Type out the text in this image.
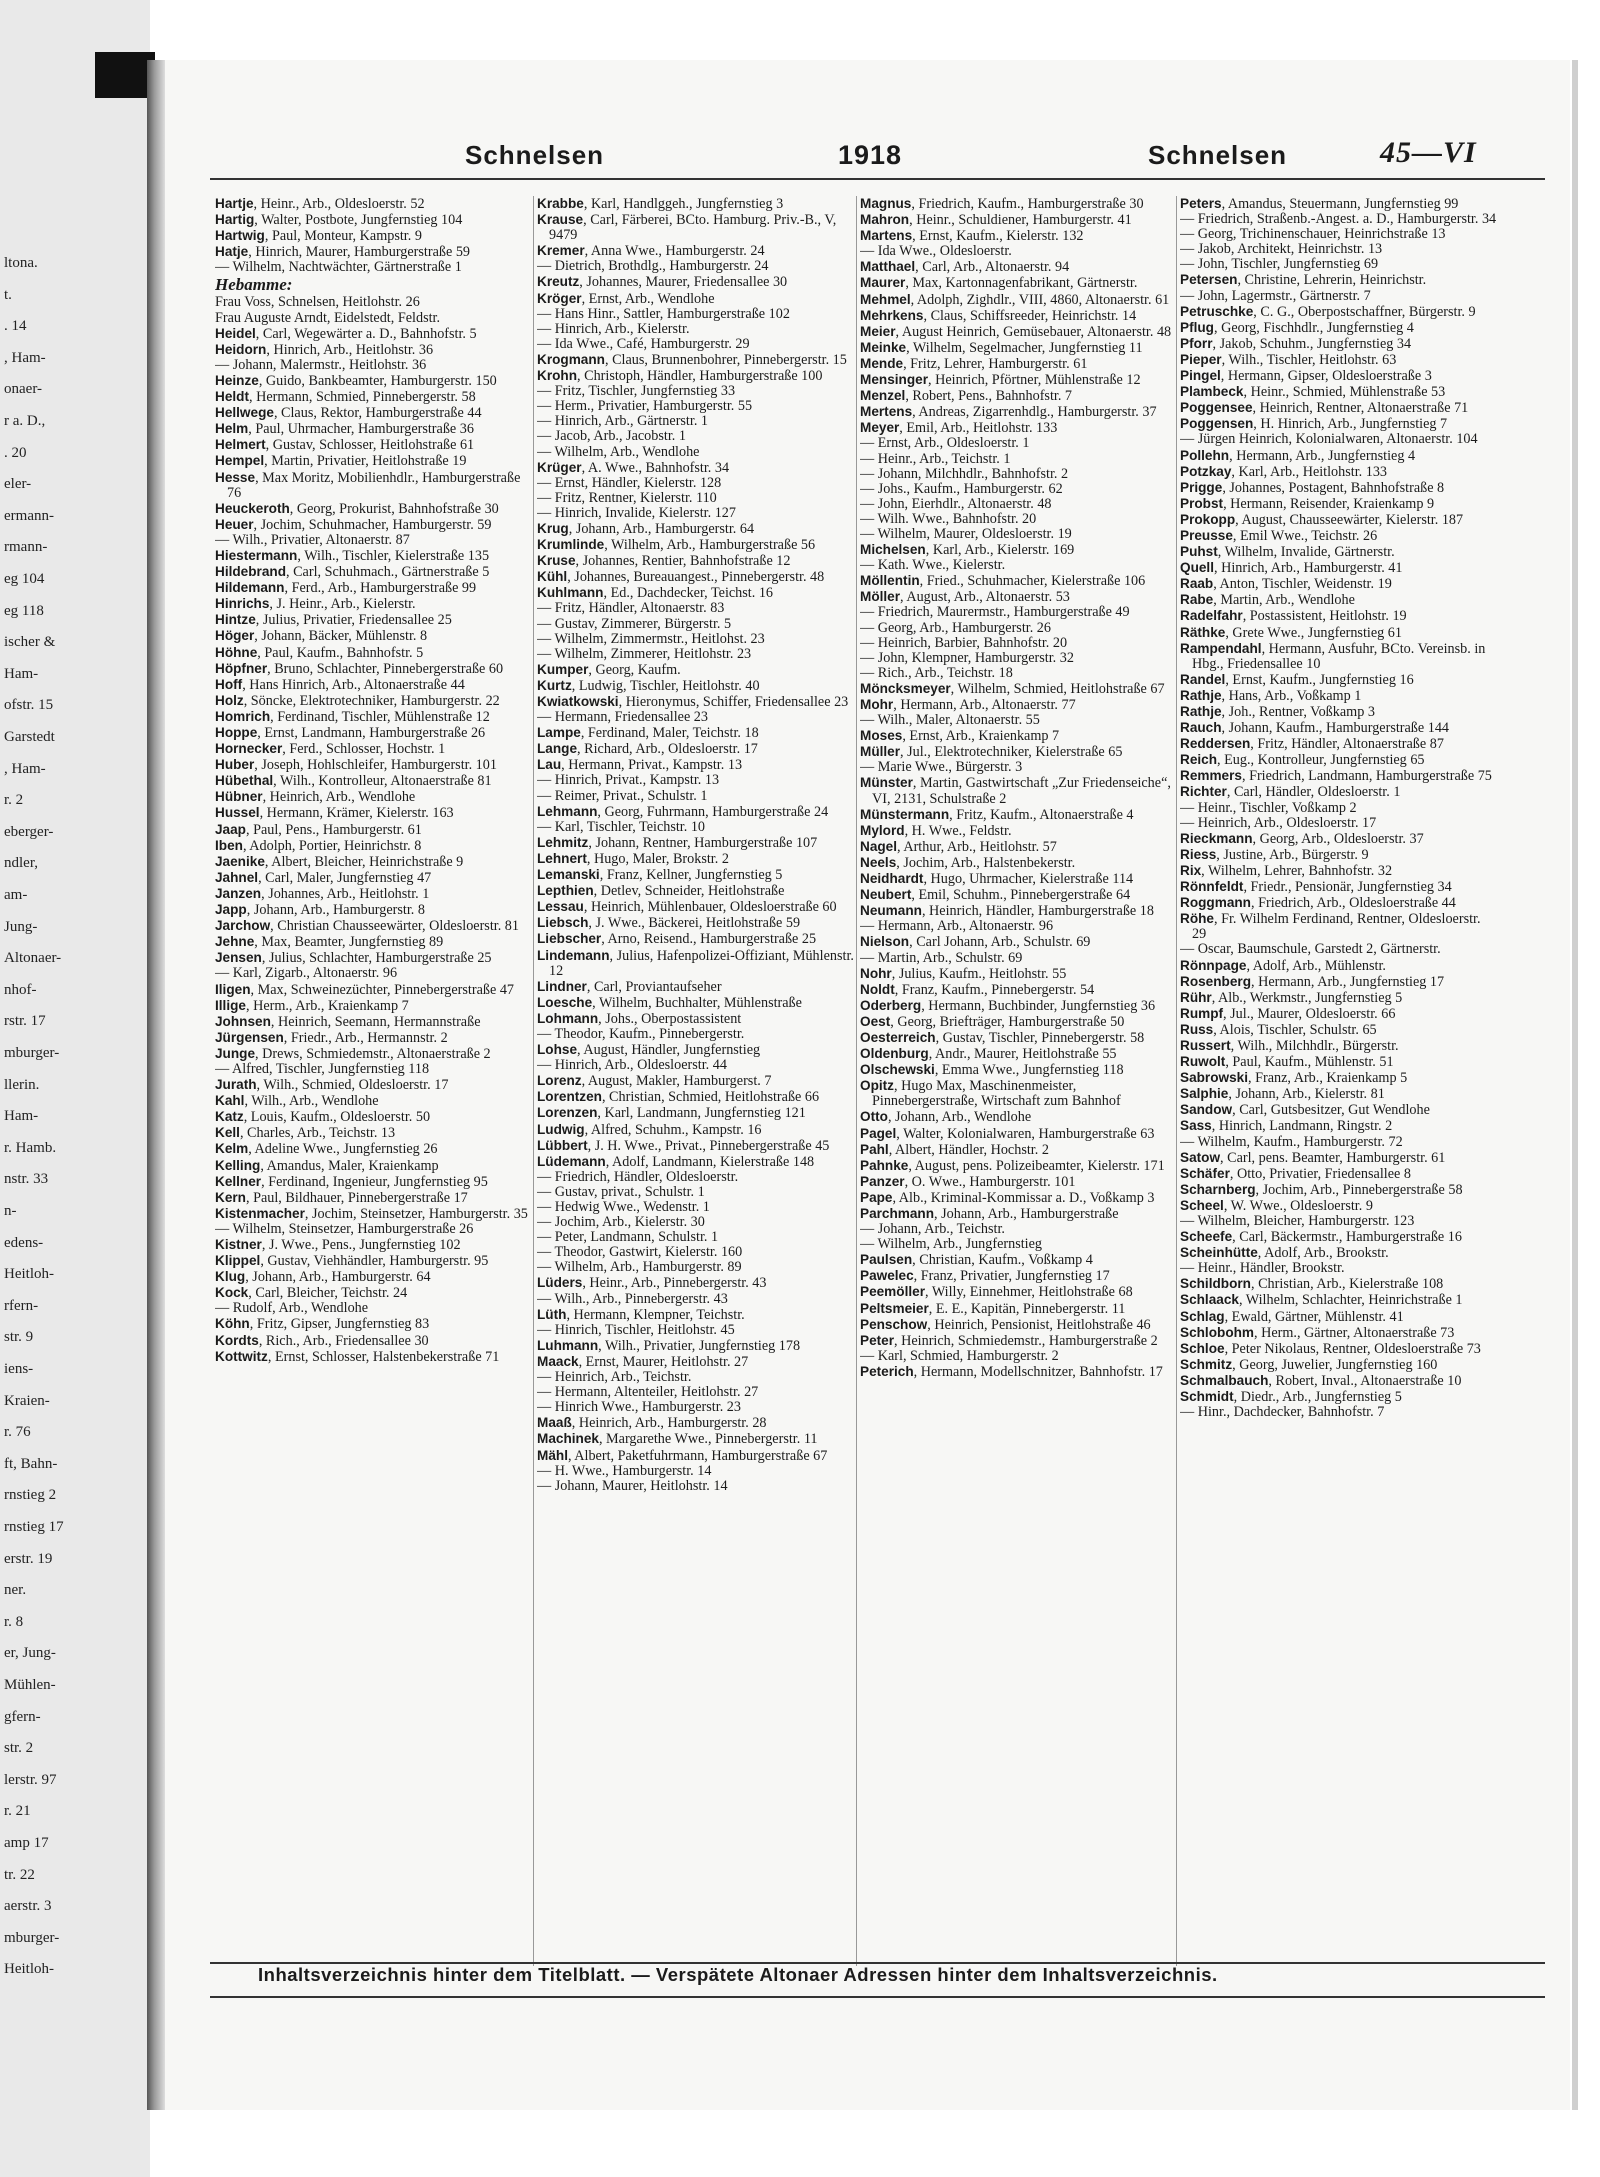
ltona.
t.
. 14
, Ham-
onaer-
r a. D.,
. 20
eler-
ermann-
rmann-
eg 104
eg 118
ischer &
Ham-
ofstr. 15
Garstedt
, Ham-
r. 2
eberger-
ndler,
am-
Jung-
Altonaer-
nhof-
rstr. 17
mburger-
llerin.
Ham-
r. Hamb.
nstr. 33
n-
edens-
Heitloh-
rfern-
str. 9
iens-
Kraien-
r. 76
ft, Bahn-
rnstieg 2
rnstieg 17
erstr. 19
ner.
r. 8
er, Jung-
Mühlen-
gfern-
str. 2
lerstr. 97
r. 21
amp 17
tr. 22
aerstr. 3
mburger-
Heitloh-
Schnelsen	1918	Schnelsen	45—VI
Hartje, Heinr., Arb., Oldesloerstr. 52
Hartig, Walter, Postbote, Jungfernstieg 104
Hartwig, Paul, Monteur, Kampstr. 9
Hatje, Hinrich, Maurer, Hamburgerstraße 59
— Wilhelm, Nachtwächter, Gärtnerstraße 1
Hebamme:
Frau Voss, Schnelsen, Heitlohstr. 26
Frau Auguste Arndt, Eidelstedt, Feldstr.
Heidel, Carl, Wegewärter a. D., Bahnhofstr. 5
Heidorn, Hinrich, Arb., Heitlohstr. 36
— Johann, Malermstr., Heitlohstr. 36
Heinze, Guido, Bankbeamter, Hamburgerstr. 150
Heldt, Hermann, Schmied, Pinnebergerstr. 58
Hellwege, Claus, Rektor, Hamburgerstraße 44
Helm, Paul, Uhrmacher, Hamburgerstraße 36
Helmert, Gustav, Schlosser, Heitlohstraße 61
Hempel, Martin, Privatier, Heitlohstraße 19
Hesse, Max Moritz, Mobilienhdlr., Hamburgerstraße 76
Heuckeroth, Georg, Prokurist, Bahnhofstraße 30
Heuer, Jochim, Schuhmacher, Hamburgerstr. 59
— Wilh., Privatier, Altonaerstr. 87
Hiestermann, Wilh., Tischler, Kielerstraße 135
Hildebrand, Carl, Schuhmach., Gärtnerstraße 5
Hildemann, Ferd., Arb., Hamburgerstraße 99
Hinrichs, J. Heinr., Arb., Kielerstr.
Hintze, Julius, Privatier, Friedensallee 25
Höger, Johann, Bäcker, Mühlenstr. 8
Höhne, Paul, Kaufm., Bahnhofstr. 5
Höpfner, Bruno, Schlachter, Pinnebergerstraße 60
Hoff, Hans Hinrich, Arb., Altonaerstraße 44
Holz, Söncke, Elektrotechniker, Hamburgerstr. 22
Homrich, Ferdinand, Tischler, Mühlenstraße 12
Hoppe, Ernst, Landmann, Hamburgerstraße 26
Hornecker, Ferd., Schlosser, Hochstr. 1
Huber, Joseph, Hohlschleifer, Hamburgerstr. 101
Hübethal, Wilh., Kontrolleur, Altonaerstraße 81
Hübner, Heinrich, Arb., Wendlohe
Hussel, Hermann, Krämer, Kielerstr. 163
Jaap, Paul, Pens., Hamburgerstr. 61
Iben, Adolph, Portier, Heinrichstr. 8
Jaenike, Albert, Bleicher, Heinrichstraße 9
Jahnel, Carl, Maler, Jungfernstieg 47
Janzen, Johannes, Arb., Heitlohstr. 1
Japp, Johann, Arb., Hamburgerstr. 8
Jarchow, Christian Chausseewärter, Oldesloerstr. 81
Jehne, Max, Beamter, Jungfernstieg 89
Jensen, Julius, Schlachter, Hamburgerstraße 25
— Karl, Zigarb., Altonaerstr. 96
Iligen, Max, Schweinezüchter, Pinnebergerstraße 47
Illige, Herm., Arb., Kraienkamp 7
Johnsen, Heinrich, Seemann, Hermannstraße
Jürgensen, Friedr., Arb., Hermannstr. 2
Junge, Drews, Schmiedemstr., Altonaerstraße 2
— Alfred, Tischler, Jungfernstieg 118
Jurath, Wilh., Schmied, Oldesloerstr. 17
Kahl, Wilh., Arb., Wendlohe
Katz, Louis, Kaufm., Oldesloerstr. 50
Kell, Charles, Arb., Teichstr. 13
Kelm, Adeline Wwe., Jungfernstieg 26
Kelling, Amandus, Maler, Kraienkamp
Kellner, Ferdinand, Ingenieur, Jungfernstieg 95
Kern, Paul, Bildhauer, Pinnebergerstraße 17
Kistenmacher, Jochim, Steinsetzer, Hamburgerstr. 35
— Wilhelm, Steinsetzer, Hamburgerstraße 26
Kistner, J. Wwe., Pens., Jungfernstieg 102
Klippel, Gustav, Viehhändler, Hamburgerstr. 95
Klug, Johann, Arb., Hamburgerstr. 64
Kock, Carl, Bleicher, Teichstr. 24
— Rudolf, Arb., Wendlohe
Köhn, Fritz, Gipser, Jungfernstieg 83
Kordts, Rich., Arb., Friedensallee 30
Kottwitz, Ernst, Schlosser, Halstenbekerstraße 71
Krabbe, Karl, Handlggeh., Jungfernstieg 3
Krause, Carl, Färberei, BCto. Hamburg. Priv.-B., V, 9479
Kremer, Anna Wwe., Hamburgerstr. 24
— Dietrich, Brothdlg., Hamburgerstr. 24
Kreutz, Johannes, Maurer, Friedensallee 30
Kröger, Ernst, Arb., Wendlohe
— Hans Hinr., Sattler, Hamburgerstraße 102
— Hinrich, Arb., Kielerstr.
— Ida Wwe., Café, Hamburgerstr. 29
Krogmann, Claus, Brunnenbohrer, Pinnebergerstr. 15
Krohn, Christoph, Händler, Hamburgerstraße 100
— Fritz, Tischler, Jungfernstieg 33
— Herm., Privatier, Hamburgerstr. 55
— Hinrich, Arb., Gärtnerstr. 1
— Jacob, Arb., Jacobstr. 1
— Wilhelm, Arb., Wendlohe
Krüger, A. Wwe., Bahnhofstr. 34
— Ernst, Händler, Kielerstr. 128
— Fritz, Rentner, Kielerstr. 110
— Hinrich, Invalide, Kielerstr. 127
Krug, Johann, Arb., Hamburgerstr. 64
Krumlinde, Wilhelm, Arb., Hamburgerstraße 56
Kruse, Johannes, Rentier, Bahnhofstraße 12
Kühl, Johannes, Bureauangest., Pinnebergerstr. 48
Kuhlmann, Ed., Dachdecker, Teichst. 16
— Fritz, Händler, Altonaerstr. 83
— Gustav, Zimmerer, Bürgerstr. 5
— Wilhelm, Zimmermstr., Heitlohst. 23
— Wilhelm, Zimmerer, Heitlohstr. 23
Kumper, Georg, Kaufm.
Kurtz, Ludwig, Tischler, Heitlohstr. 40
Kwiatkowski, Hieronymus, Schiffer, Friedensallee 23
— Hermann, Friedensallee 23
Lampe, Ferdinand, Maler, Teichstr. 18
Lange, Richard, Arb., Oldesloerstr. 17
Lau, Hermann, Privat., Kampstr. 13
— Hinrich, Privat., Kampstr. 13
— Reimer, Privat., Schulstr. 1
Lehmann, Georg, Fuhrmann, Hamburgerstraße 24
— Karl, Tischler, Teichstr. 10
Lehmitz, Johann, Rentner, Hamburgerstraße 107
Lehnert, Hugo, Maler, Brokstr. 2
Lemanski, Franz, Kellner, Jungfernstieg 5
Lepthien, Detlev, Schneider, Heitlohstraße
Lessau, Heinrich, Mühlenbauer, Oldesloerstraße 60
Liebsch, J. Wwe., Bäckerei, Heitlohstraße 59
Liebscher, Arno, Reisend., Hamburgerstraße 25
Lindemann, Julius, Hafenpolizei-Offiziant, Mühlenstr. 12
Lindner, Carl, Proviantaufseher
Loesche, Wilhelm, Buchhalter, Mühlenstraße
Lohmann, Johs., Oberpostassistent
— Theodor, Kaufm., Pinnebergerstr.
Lohse, August, Händler, Jungfernstieg
— Hinrich, Arb., Oldesloerstr. 44
Lorenz, August, Makler, Hamburgerst. 7
Lorentzen, Christian, Schmied, Heitlohstraße 66
Lorenzen, Karl, Landmann, Jungfernstieg 121
Ludwig, Alfred, Schuhm., Kampstr. 16
Lübbert, J. H. Wwe., Privat., Pinnebergerstraße 45
Lüdemann, Adolf, Landmann, Kielerstraße 148
— Friedrich, Händler, Oldesloerstr.
— Gustav, privat., Schulstr. 1
— Hedwig Wwe., Wedenstr. 1
— Jochim, Arb., Kielerstr. 30
— Peter, Landmann, Schulstr. 1
— Theodor, Gastwirt, Kielerstr. 160
— Wilhelm, Arb., Hamburgerstr. 89
Lüders, Heinr., Arb., Pinnebergerstr. 43
— Wilh., Arb., Pinnebergerstr. 43
Lüth, Hermann, Klempner, Teichstr.
— Hinrich, Tischler, Heitlohstr. 45
Luhmann, Wilh., Privatier, Jungfernstieg 178
Maack, Ernst, Maurer, Heitlohstr. 27
— Heinrich, Arb., Teichstr.
— Hermann, Altenteiler, Heitlohstr. 27
— Hinrich Wwe., Hamburgerstr. 23
Maaß, Heinrich, Arb., Hamburgerstr. 28
Machinek, Margarethe Wwe., Pinnebergerstr. 11
Mähl, Albert, Paketfuhrmann, Hamburgerstraße 67
— H. Wwe., Hamburgerstr. 14
— Johann, Maurer, Heitlohstr. 14
Magnus, Friedrich, Kaufm., Hamburgerstraße 30
Mahron, Heinr., Schuldiener, Hamburgerstr. 41
Martens, Ernst, Kaufm., Kielerstr. 132
— Ida Wwe., Oldesloerstr.
Matthael, Carl, Arb., Altonaerstr. 94
Maurer, Max, Kartonnagenfabrikant, Gärtnerstr.
Mehmel, Adolph, Zighdlr., VIII, 4860, Altonaerstr. 61
Mehrkens, Claus, Schiffsreeder, Heinrichstr. 14
Meier, August Heinrich, Gemüsebauer, Altonaerstr. 48
Meinke, Wilhelm, Segelmacher, Jungfernstieg 11
Mende, Fritz, Lehrer, Hamburgerstr. 61
Mensinger, Heinrich, Pförtner, Mühlenstraße 12
Menzel, Robert, Pens., Bahnhofstr. 7
Mertens, Andreas, Zigarrenhdlg., Hamburgerstr. 37
Meyer, Emil, Arb., Heitlohstr. 133
— Ernst, Arb., Oldesloerstr. 1
— Heinr., Arb., Teichstr. 1
— Johann, Milchhdlr., Bahnhofstr. 2
— Johs., Kaufm., Hamburgerstr. 62
— John, Eierhdlr., Altonaerstr. 48
— Wilh. Wwe., Bahnhofstr. 20
— Wilhelm, Maurer, Oldesloerstr. 19
Michelsen, Karl, Arb., Kielerstr. 169
— Kath. Wwe., Kielerstr.
Möllentin, Fried., Schuhmacher, Kielerstraße 106
Möller, August, Arb., Altonaerstr. 53
— Friedrich, Maurermstr., Hamburgerstraße 49
— Georg, Arb., Hamburgerstr. 26
— Heinrich, Barbier, Bahnhofstr. 20
— John, Klempner, Hamburgerstr. 32
— Rich., Arb., Teichstr. 18
Möncksmeyer, Wilhelm, Schmied, Heitlohstraße 67
Mohr, Hermann, Arb., Altonaerstr. 77
— Wilh., Maler, Altonaerstr. 55
Moses, Ernst, Arb., Kraienkamp 7
Müller, Jul., Elektrotechniker, Kielerstraße 65
— Marie Wwe., Bürgerstr. 3
Münster, Martin, Gastwirtschaft „Zur Friedenseiche“, VI, 2131, Schulstraße 2
Münstermann, Fritz, Kaufm., Altonaerstraße 4
Mylord, H. Wwe., Feldstr.
Nagel, Arthur, Arb., Heitlohstr. 57
Neels, Jochim, Arb., Halstenbekerstr.
Neidhardt, Hugo, Uhrmacher, Kielerstraße 114
Neubert, Emil, Schuhm., Pinnebergerstraße 64
Neumann, Heinrich, Händler, Hamburgerstraße 18
— Hermann, Arb., Altonaerstr. 96
Nielson, Carl Johann, Arb., Schulstr. 69
— Martin, Arb., Schulstr. 69
Nohr, Julius, Kaufm., Heitlohstr. 55
Noldt, Franz, Kaufm., Pinnebergerstr. 54
Oderberg, Hermann, Buchbinder, Jungfernstieg 36
Oest, Georg, Briefträger, Hamburgerstraße 50
Oesterreich, Gustav, Tischler, Pinnebergerstr. 58
Oldenburg, Andr., Maurer, Heitlohstraße 55
Olschewski, Emma Wwe., Jungfernstieg 118
Opitz, Hugo Max, Maschinenmeister, Pinnebergerstraße, Wirtschaft zum Bahnhof
Otto, Johann, Arb., Wendlohe
Pagel, Walter, Kolonialwaren, Hamburgerstraße 63
Pahl, Albert, Händler, Hochstr. 2
Pahnke, August, pens. Polizeibeamter, Kielerstr. 171
Panzer, O. Wwe., Hamburgerstr. 101
Pape, Alb., Kriminal-Kommissar a. D., Voßkamp 3
Parchmann, Johann, Arb., Hamburgerstraße
— Johann, Arb., Teichstr.
— Wilhelm, Arb., Jungfernstieg
Paulsen, Christian, Kaufm., Voßkamp 4
Pawelec, Franz, Privatier, Jungfernstieg 17
Peemöller, Willy, Einnehmer, Heitlohstraße 68
Peltsmeier, E. E., Kapitän, Pinnebergerstr. 11
Penschow, Heinrich, Pensionist, Heitlohstraße 46
Peter, Heinrich, Schmiedemstr., Hamburgerstraße 2
— Karl, Schmied, Hamburgerstr. 2
Peterich, Hermann, Modellschnitzer, Bahnhofstr. 17
Peters, Amandus, Steuermann, Jungfernstieg 99
— Friedrich, Straßenb.-Angest. a. D., Hamburgerstr. 34
— Georg, Trichinenschauer, Heinrichstraße 13
— Jakob, Architekt, Heinrichstr. 13
— John, Tischler, Jungfernstieg 69
Petersen, Christine, Lehrerin, Heinrichstr.
— John, Lagermstr., Gärtnerstr. 7
Petruschke, C. G., Oberpostschaffner, Bürgerstr. 9
Pflug, Georg, Fischhdlr., Jungfernstieg 4
Pforr, Jakob, Schuhm., Jungfernstieg 34
Pieper, Wilh., Tischler, Heitlohstr. 63
Pingel, Hermann, Gipser, Oldesloerstraße 3
Plambeck, Heinr., Schmied, Mühlenstraße 53
Poggensee, Heinrich, Rentner, Altonaerstraße 71
Poggensen, H. Hinrich, Arb., Jungfernstieg 7
— Jürgen Heinrich, Kolonialwaren, Altonaerstr. 104
Pollehn, Hermann, Arb., Jungfernstieg 4
Potzkay, Karl, Arb., Heitlohstr. 133
Prigge, Johannes, Postagent, Bahnhofstraße 8
Probst, Hermann, Reisender, Kraienkamp 9
Prokopp, August, Chausseewärter, Kielerstr. 187
Preusse, Emil Wwe., Teichstr. 26
Puhst, Wilhelm, Invalide, Gärtnerstr.
Quell, Hinrich, Arb., Hamburgerstr. 41
Raab, Anton, Tischler, Weidenstr. 19
Rabe, Martin, Arb., Wendlohe
Radelfahr, Postassistent, Heitlohstr. 19
Räthke, Grete Wwe., Jungfernstieg 61
Rampendahl, Hermann, Ausfuhr, BCto. Vereinsb. in Hbg., Friedensallee 10
Randel, Ernst, Kaufm., Jungfernstieg 16
Rathje, Hans, Arb., Voßkamp 1
Rathje, Joh., Rentner, Voßkamp 3
Rauch, Johann, Kaufm., Hamburgerstraße 144
Reddersen, Fritz, Händler, Altonaerstraße 87
Reich, Eug., Kontrolleur, Jungfernstieg 65
Remmers, Friedrich, Landmann, Hamburgerstraße 75
Richter, Carl, Händler, Oldesloerstr. 1
— Heinr., Tischler, Voßkamp 2
— Heinrich, Arb., Oldesloerstr. 17
Rieckmann, Georg, Arb., Oldesloerstr. 37
Riess, Justine, Arb., Bürgerstr. 9
Rix, Wilhelm, Lehrer, Bahnhofstr. 32
Rönnfeldt, Friedr., Pensionär, Jungfernstieg 34
Roggmann, Friedrich, Arb., Oldesloerstraße 44
Röhe, Fr. Wilhelm Ferdinand, Rentner, Oldesloerstr. 29
— Oscar, Baumschule, Garstedt 2, Gärtnerstr.
Rönnpage, Adolf, Arb., Mühlenstr.
Rosenberg, Hermann, Arb., Jungfernstieg 17
Rühr, Alb., Werkmstr., Jungfernstieg 5
Rumpf, Jul., Maurer, Oldesloerstr. 66
Russ, Alois, Tischler, Schulstr. 65
Russert, Wilh., Milchhdlr., Bürgerstr.
Ruwolt, Paul, Kaufm., Mühlenstr. 51
Sabrowski, Franz, Arb., Kraienkamp 5
Salphie, Johann, Arb., Kielerstr. 81
Sandow, Carl, Gutsbesitzer, Gut Wendlohe
Sass, Hinrich, Landmann, Ringstr. 2
— Wilhelm, Kaufm., Hamburgerstr. 72
Satow, Carl, pens. Beamter, Hamburgerstr. 61
Schäfer, Otto, Privatier, Friedensallee 8
Scharnberg, Jochim, Arb., Pinnebergerstraße 58
Scheel, W. Wwe., Oldesloerstr. 9
— Wilhelm, Bleicher, Hamburgerstr. 123
Scheefe, Carl, Bäckermstr., Hamburgerstraße 16
Scheinhütte, Adolf, Arb., Brookstr.
— Heinr., Händler, Brookstr.
Schildborn, Christian, Arb., Kielerstraße 108
Schlaack, Wilhelm, Schlachter, Heinrichstraße 1
Schlag, Ewald, Gärtner, Mühlenstr. 41
Schlobohm, Herm., Gärtner, Altonaerstraße 73
Schloe, Peter Nikolaus, Rentner, Oldesloerstraße 73
Schmitz, Georg, Juwelier, Jungfernstieg 160
Schmalbauch, Robert, Inval., Altonaerstraße 10
Schmidt, Diedr., Arb., Jungfernstieg 5
— Hinr., Dachdecker, Bahnhofstr. 7
Inhaltsverzeichnis hinter dem Titelblatt. — Verspätete Altonaer Adressen hinter dem Inhaltsverzeichnis.
